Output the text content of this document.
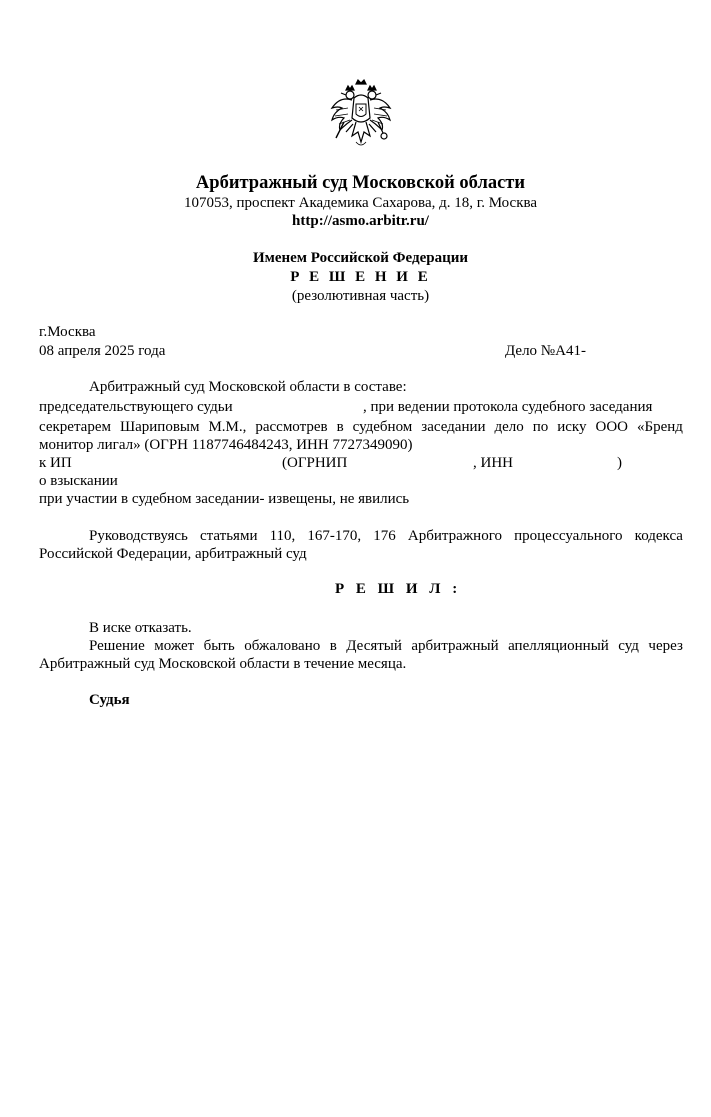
Арбитражный суд Московской области
107053, проспект Академика Сахарова, д. 18, г. Москва
http://asmo.arbitr.ru/
Именем Российской Федерации
Р Е Ш Е Н И Е
(резолютивная часть)
г.Москва
08 апреля 2025 года	Дело №А41-
Арбитражный суд Московской области в составе:
председательствующего судьи	, при ведении протокола судебного заседания
секретарем Шариповым М.М., рассмотрев в судебном заседании дело по иску ООО «Бренд
монитор лигал» (ОГРН 1187746484243, ИНН 7727349090)
к ИП	(ОГРНИП	, ИНН	)
о взыскании
при участии в судебном заседании- извещены, не явились
Руководствуясь статьями 110, 167-170, 176 Арбитражного процессуального кодекса
Российской Федерации, арбитражный суд
Р Е Ш И Л :
В иске отказать.
Решение может быть обжаловано в Десятый арбитражный апелляционный суд через
Арбитражный суд Московской области в течение месяца.
Судья
